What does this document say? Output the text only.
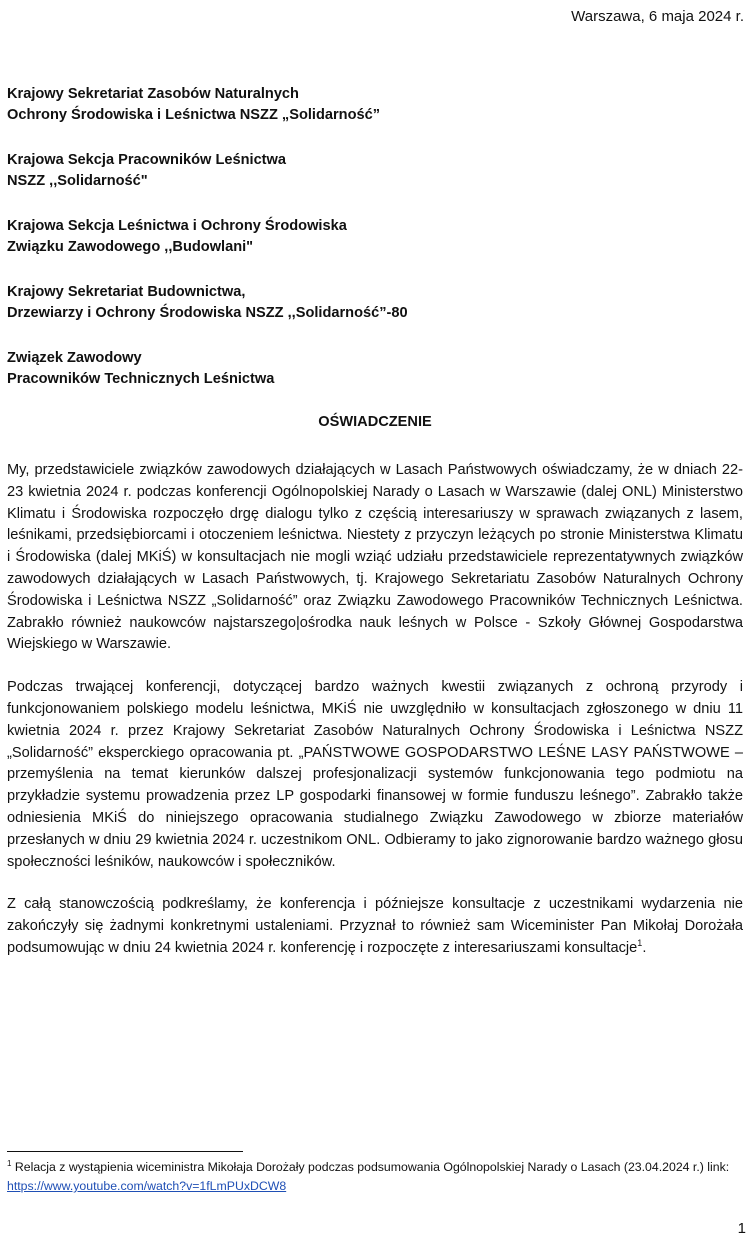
Warszawa, 6 maja 2024 r.
Krajowy Sekretariat Zasobów Naturalnych
Ochrony Środowiska i Leśnictwa NSZZ „Solidarność”
Krajowa Sekcja Pracowników Leśnictwa
NSZZ ,,Solidarność"
Krajowa Sekcja Leśnictwa i Ochrony Środowiska
Związku Zawodowego ,,Budowlani"
Krajowy Sekretariat Budownictwa,
Drzewiarzy i Ochrony Środowiska NSZZ ,,Solidarność”-80
Związek Zawodowy
Pracowników Technicznych Leśnictwa
OŚWIADCZENIE

My, przedstawiciele związków zawodowych działających w Lasach Państwowych oświadczamy, że w dniach 22-23 kwietnia 2024 r. podczas konferencji Ogólnopolskiej Narady o Lasach w Warszawie (dalej ONL) Ministerstwo Klimatu i Środowiska rozpoczęło drgę dialogu tylko z częścią interesariuszy w sprawach związanych z lasem, leśnikami, przedsiębiorcami i otoczeniem leśnictwa. Niestety z przyczyn leżących po stronie Ministerstwa Klimatu i Środowiska (dalej MKiŚ) w konsultacjach nie mogli wziąć udziału przedstawiciele reprezentatywnych związków zawodowych działających w Lasach Państwowych, tj. Krajowego Sekretariatu Zasobów Naturalnych Ochrony Środowiska i Leśnictwa NSZZ „Solidarność” oraz Związku Zawodowego Pracowników Technicznych Leśnictwa. Zabrakło również naukowców najstarszego|ośrodka nauk leśnych w Polsce - Szkoły Głównej Gospodarstwa Wiejskiego w Warszawie.

Podczas trwającej konferencji, dotyczącej bardzo ważnych kwestii związanych z ochroną przyrody i funkcjonowaniem polskiego modelu leśnictwa, MKiŚ nie uwzględniło w konsultacjach zgłoszonego w dniu 11 kwietnia 2024 r. przez Krajowy Sekretariat Zasobów Naturalnych Ochrony Środowiska i Leśnictwa NSZZ „Solidarność” eksperckiego opracowania pt. „PAŃSTWOWE GOSPODARSTWO LEŚNE LASY PAŃSTWOWE – przemyślenia na temat kierunków dalszej profesjonalizacji systemów funkcjonowania tego podmiotu na przykładzie systemu prowadzenia przez LP gospodarki finansowej w formie funduszu leśnego”. Zabrakło także odniesienia MKiŚ do niniejszego opracowania studialnego Związku Zawodowego w zbiorze materiałów przesłanych w dniu 29 kwietnia 2024 r. uczestnikom ONL. Odbieramy to jako zignorowanie bardzo ważnego głosu społeczności leśników, naukowców i społeczników.

Z całą stanowczością podkreślamy, że konferencja i późniejsze konsultacje z uczestnikami wydarzenia nie zakończyły się żadnymi konkretnymi ustaleniami. Przyznał to również sam Wiceminister Pan Mikołaj Dorożała podsumowując w dniu 24 kwietnia 2024 r. konferencję i rozpoczęte z interesariuszami konsultacje$^1$.

$^1$ Relacja z wystąpienia wiceministra Mikołaja Dorożały podczas podsumowania Ogólnopolskiej Narady o Lasach (23.04.2024 r.) link: https://www.youtube.com/watch?v=1fLmPUxDCW8
1
